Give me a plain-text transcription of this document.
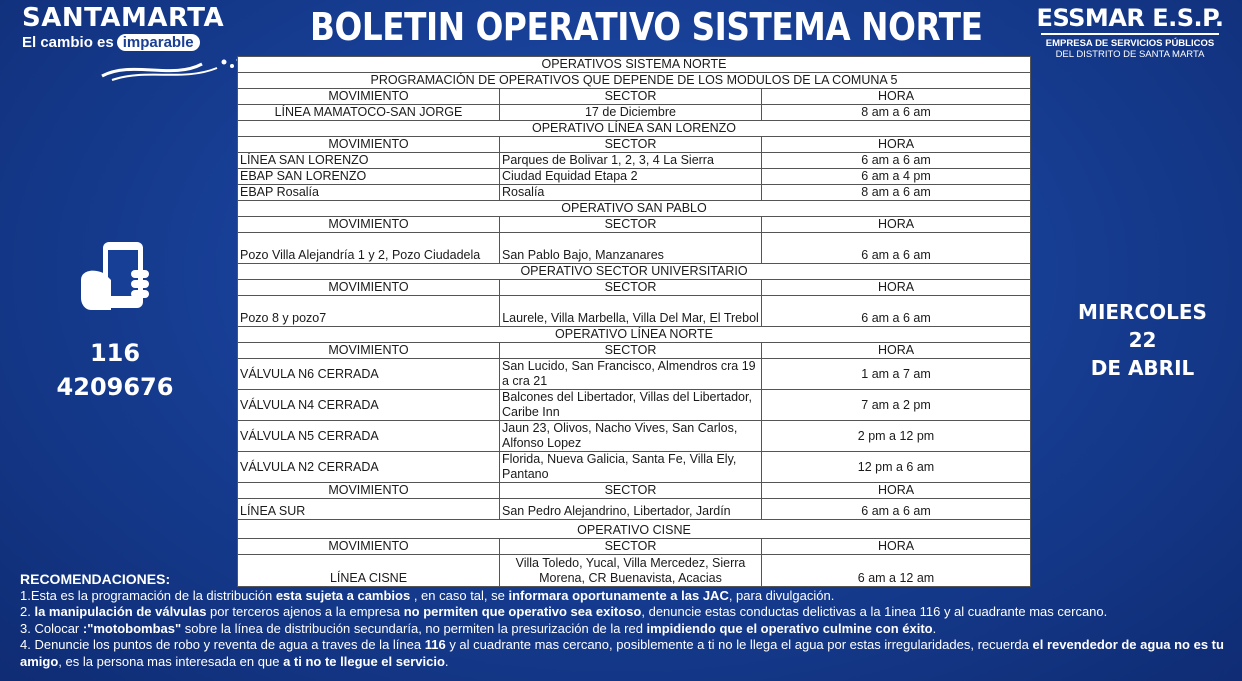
SANTAMARTA
El cambio es imparable	BOLETIN OPERATIVO SISTEMA NORTE ESSMAR E.S.P.
EMPRESA DE SERVICIOS PÚBLICOS
DEL DISTRITO DE SANTA MARTA
116
4209676
MIERCOLES
22
DE ABRIL
OPERATIVOS SISTEMA NORTE		
PROGRAMACIÓN DE OPERATIVOS QUE DEPENDE DE LOS MODULOS DE LA COMUNA 5		
MOVIMIENTO	SECTOR	HORA
LÍNEA MAMATOCO-SAN JORGE	17 de Diciembre	8 am a 6 am
OPERATIVO LÍNEA SAN LORENZO		
MOVIMIENTO	SECTOR	HORA
LÍNEA SAN LORENZO	Parques de Bolivar 1, 2, 3, 4 La Sierra	6 am a 6 am
EBAP SAN LORENZO	Ciudad Equidad Etapa 2	6 am a 4 pm
EBAP Rosalía	Rosalía	8 am a 6 am
OPERATIVO SAN PABLO		
MOVIMIENTO	SECTOR	HORA
Pozo Villa Alejandría 1 y 2, Pozo Ciudadela	San Pablo Bajo, Manzanares	6 am a 6 am
OPERATIVO SECTOR UNIVERSITARIO		
MOVIMIENTO	SECTOR	HORA
Pozo 8 y pozo7	Laurele, Villa Marbella, Villa Del Mar, El Trebol	6 am a 6 am
OPERATIVO LÍNEA NORTE		
MOVIMIENTO	SECTOR	HORA
VÁLVULA N6 CERRADA	San Lucido, San Francisco, Almendros cra 19 a cra 21	1 am a 7 am
VÁLVULA N4 CERRADA	Balcones del Libertador, Villas del Libertador, Caribe Inn	7 am a 2 pm
VÁLVULA N5 CERRADA	Jaun 23, Olivos, Nacho Vives, San Carlos, Alfonso Lopez	2 pm a 12 pm
VÁLVULA N2 CERRADA	Florida, Nueva Galicia, Santa Fe, Villa Ely, Pantano	12 pm a 6 am
MOVIMIENTO	SECTOR	HORA
LÍNEA SUR	San Pedro Alejandrino, Libertador, Jardín	6 am a 6 am
OPERATIVO CISNE		
MOVIMIENTO	SECTOR	HORA
LÍNEA CISNE	Villa Toledo, Yucal, Villa Mercedez, Sierra Morena, CR Buenavista, Acacias	6 am a 12 am
RECOMENDACIONES:

1.Esta es la programación de la distribución esta sujeta a cambios , en caso tal, se informara oportunamente a las JAC, para divulgación.

2. la manipulación de válvulas por terceros ajenos a la empresa no permiten que operativo sea exitoso, denuncie estas conductas delictivas a la 1inea 116 y al cuadrante mas cercano.

3. Colocar :"motobombas" sobre la línea de distribución secundaría, no permiten la presurización de la red impidiendo que el operativo culmine con éxito.

4. Denuncie los puntos de robo y reventa de agua a traves de la línea 116 y al cuadrante mas cercano, posiblemente a ti no le llega el agua por estas irregularidades, recuerda el revendedor de agua no es tu amigo, es la persona mas interesada en que a ti no te llegue el servicio.
